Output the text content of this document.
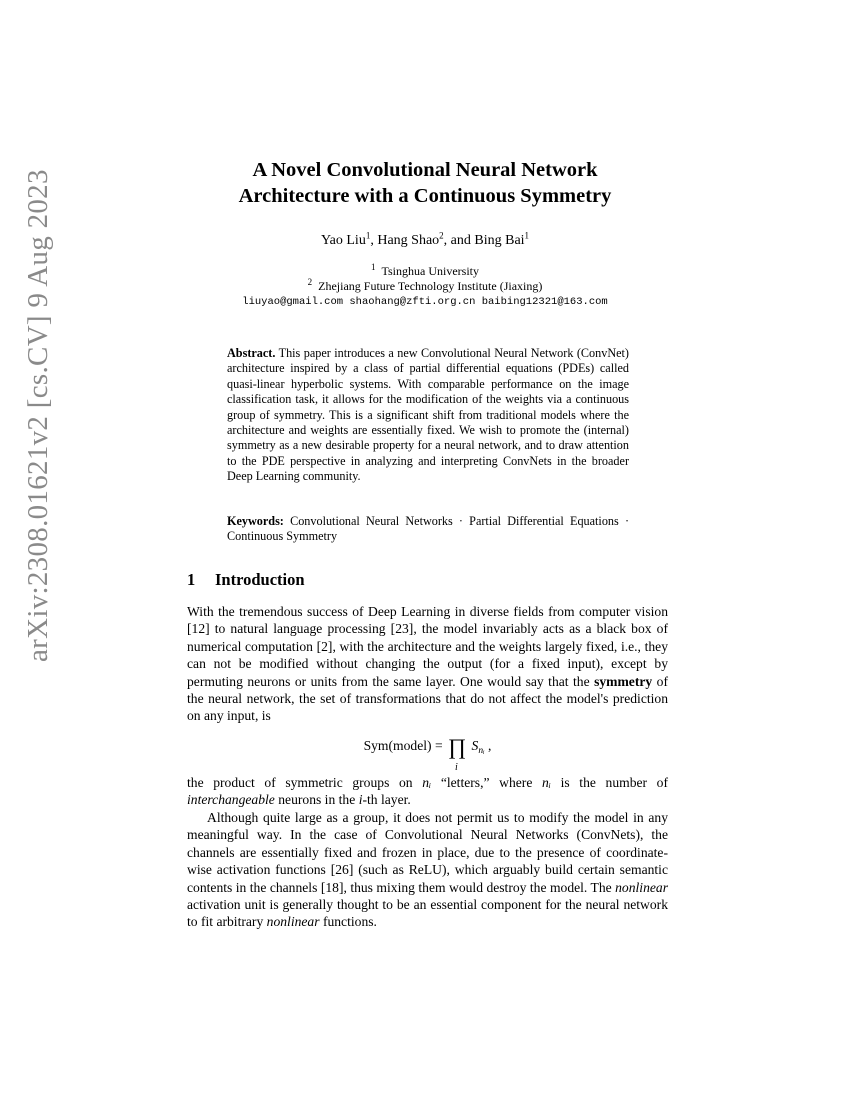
arXiv:2308.01621v2 [cs.CV] 9 Aug 2023	A Novel Convolutional Neural Network
Architecture with a Continuous Symmetry
Yao Liu$^1$, Hang Shao$^2$, and Bing Bai$^1$
$^1$ Tsinghua University
$^2$ Zhejiang Future Technology Institute (Jiaxing)
liuyao@gmail.com shaohang@zfti.org.cn baibing12321@163.com
Abstract. This paper introduces a new Convolutional Neural Network (ConvNet) architecture inspired by a class of partial differential equations (PDEs) called quasi-linear hyperbolic systems. With comparable performance on the image classification task, it allows for the modification of the weights via a continuous group of symmetry. This is a significant shift from traditional models where the architecture and weights are essentially fixed. We wish to promote the (internal) symmetry as a new desirable property for a neural network, and to draw attention to the PDE perspective in analyzing and interpreting ConvNets in the broader Deep Learning community.
Keywords: Convolutional Neural Networks · Partial Differential Equations · Continuous Symmetry
1 Introduction
With the tremendous success of Deep Learning in diverse fields from computer vision [12] to natural language processing [23], the model invariably acts as a black box of numerical computation [2], with the architecture and the weights largely fixed, i.e., they can not be modified without changing the output (for a fixed input), except by permuting neurons or units from the same layer. One would say that the symmetry of the neural network, the set of transformations that do not affect the model's prediction on any input, is
Sym(model) = ∏
i
$S_{nᵢ}$ ,
the product of symmetric groups on nᵢ “letters,” where nᵢ is the number of interchangeable neurons in the i-th layer.
Although quite large as a group, it does not permit us to modify the model in any meaningful way. In the case of Convolutional Neural Networks (ConvNets), the channels are essentially fixed and frozen in place, due to the presence of coordinate-wise activation functions [26] (such as ReLU), which arguably build certain semantic contents in the channels [18], thus mixing them would destroy the model. The nonlinear activation unit is generally thought to be an essential component for the neural network to fit arbitrary nonlinear functions.
